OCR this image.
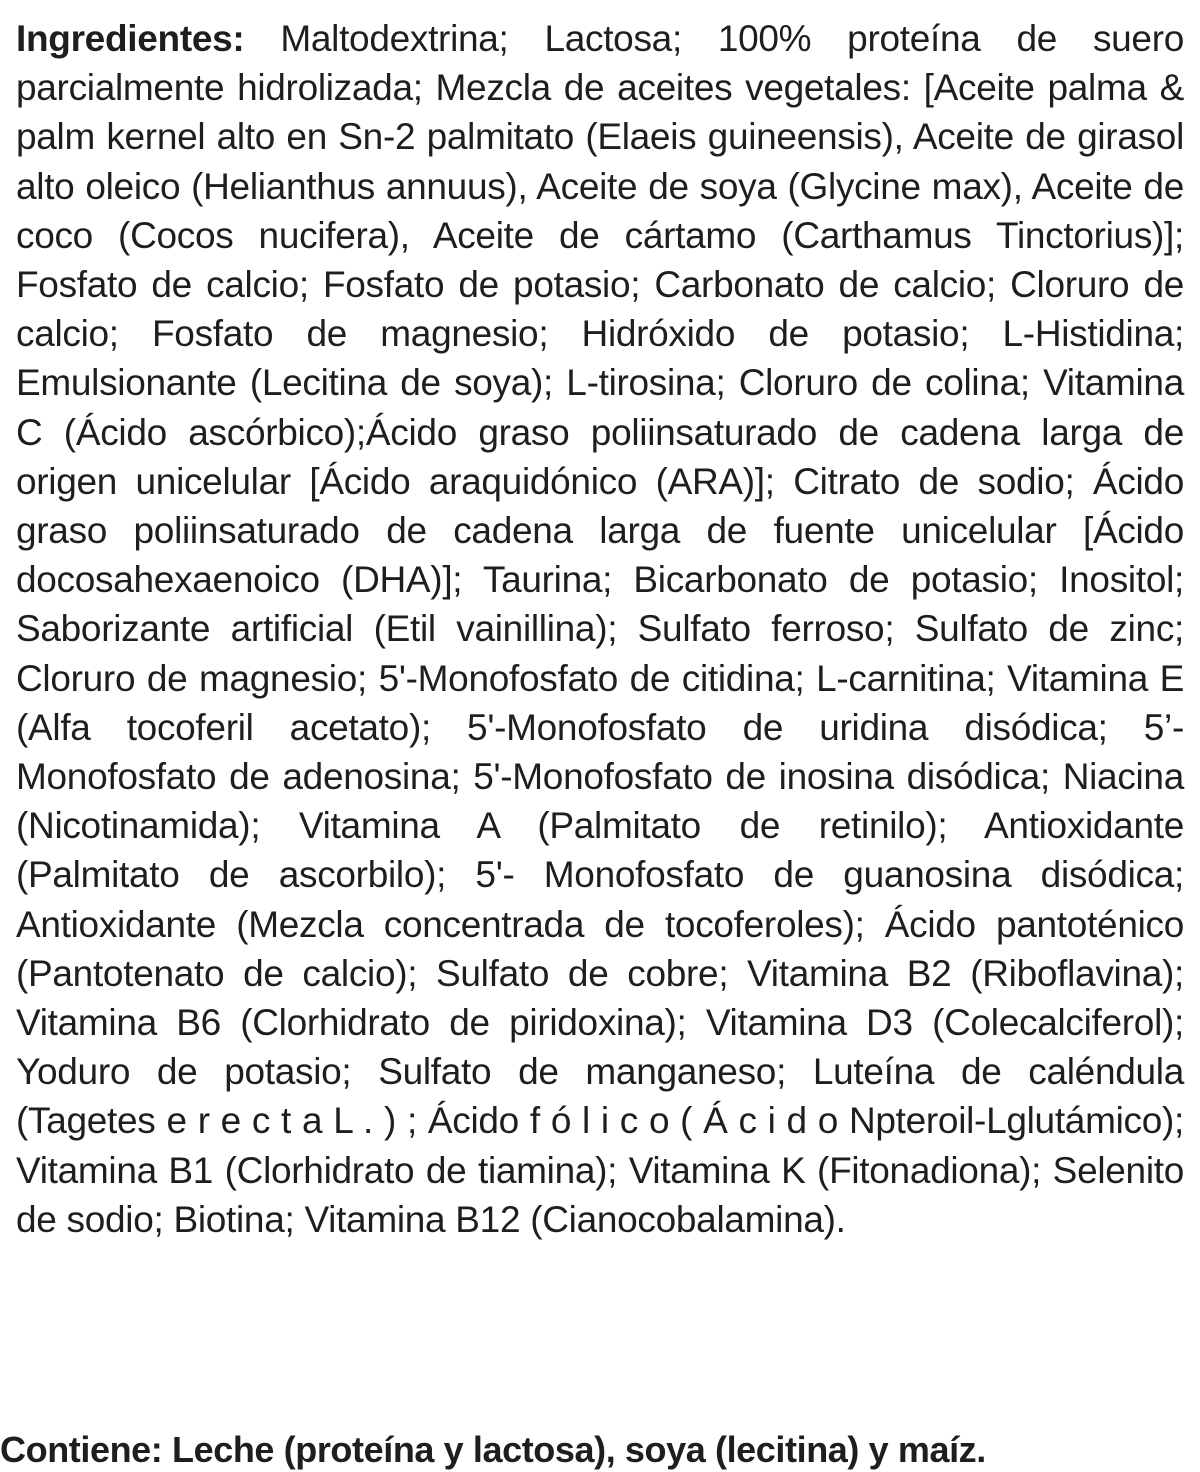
Ingredientes: Maltodextrina; Lactosa; 100% proteína de suero parcialmente hidrolizada; Mezcla de aceites vegetales: [Aceite palma & palm kernel alto en Sn-2 palmitato (Elaeis guineensis), Aceite de girasol alto oleico (Helianthus annuus), Aceite de soya (Glycine max), Aceite de coco (Cocos nucifera), Aceite de cártamo (Carthamus Tinctorius)]; Fosfato de calcio; Fosfato de potasio; Carbonato de calcio; Cloruro de calcio; Fosfato de magnesio; Hidróxido de potasio; L-Histidina; Emulsionante (Lecitina de soya); L-tirosina; Cloruro de colina; Vitamina C (Ácido ascórbico);Ácido graso poliinsaturado de cadena larga de origen unicelular [Ácido araquidónico (ARA)]; Citrato de sodio; Ácido graso poliinsaturado de cadena larga de fuente unicelular [Ácido docosahexaenoico (DHA)]; Taurina; Bicarbonato de potasio; Inositol; Saborizante artificial (Etil vainillina); Sulfato ferroso; Sulfato de zinc; Cloruro de magnesio; 5'-Monofosfato de citidina; L-carnitina; Vitamina E (Alfa tocoferil acetato); 5'-Monofosfato de uridina disódica; 5’-Monofosfato de adenosina; 5'-Monofosfato de inosina disódica; Niacina (Nicotinamida); Vitamina A (Palmitato de retinilo); Antioxidante (Palmitato de ascorbilo); 5'- Monofosfato de guanosina disódica; Antioxidante (Mezcla concentrada de tocoferoles); Ácido pantoténico (Pantotenato de calcio); Sulfato de cobre; Vitamina B2 (Riboflavina); Vitamina B6 (Clorhidrato de piridoxina); Vitamina D3 (Colecalciferol); Yoduro de potasio; Sulfato de manganeso; Luteína de caléndula (Tagetes e r e c t a L . ) ; Ácido f ó l i c o ( Á c i d o Npteroil-Lglutámico); Vitamina B1 (Clorhidrato de tiamina); Vitamina K (Fitonadiona); Selenito de sodio; Biotina; Vitamina B12 (Cianocobalamina).

Contiene: Leche (proteína y lactosa), soya (lecitina) y maíz.
